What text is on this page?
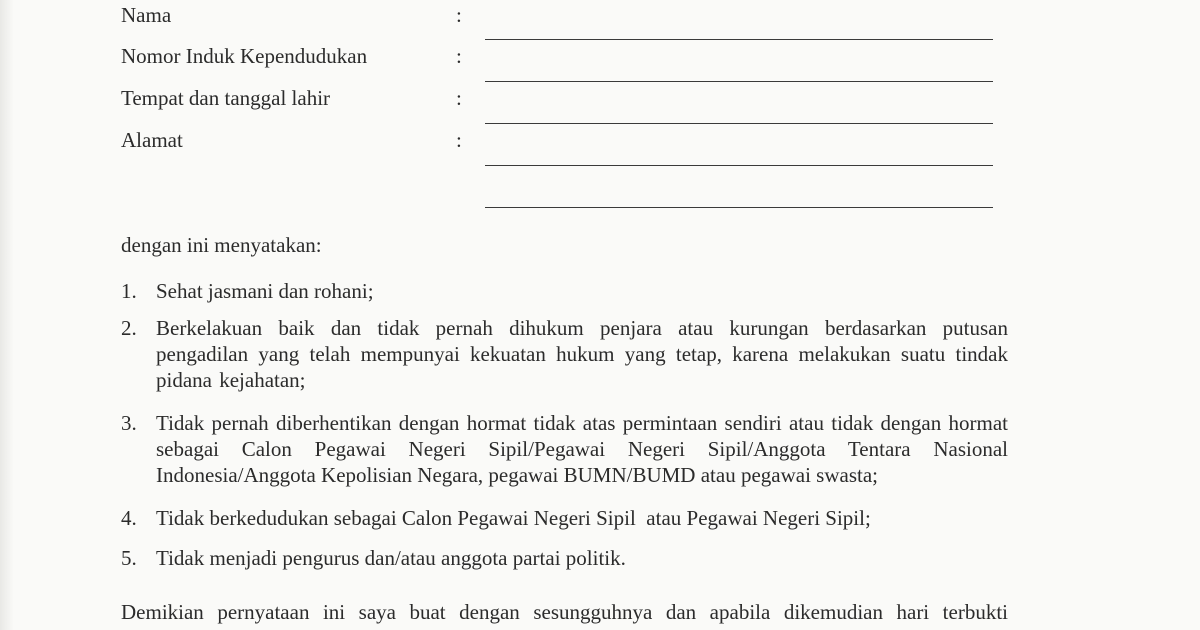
Nama	:
Nomor Induk Kependudukan	:
Tempat dan tanggal lahir	:
Alamat	:
dengan ini menyatakan:
1. Sehat jasmani dan rohani;
2. Berkelakuan baik dan tidak pernah dihukum penjara atau kurungan berdasarkan putusan pengadilan yang telah mempunyai kekuatan hukum yang tetap, karena melakukan suatu tindak pidana kejahatan;
3. Tidak pernah diberhentikan dengan hormat tidak atas permintaan sendiri atau tidak dengan hormat sebagai Calon Pegawai Negeri Sipil/Pegawai Negeri Sipil/Anggota Tentara Nasional Indonesia/Anggota Kepolisian Negara, pegawai BUMN/BUMD atau pegawai swasta;
4. Tidak berkedudukan sebagai Calon Pegawai Negeri Sipil  atau Pegawai Negeri Sipil;
5. Tidak menjadi pengurus dan/atau anggota partai politik.
Demikian pernyataan ini saya buat dengan sesungguhnya dan apabila dikemudian hari terbukti
